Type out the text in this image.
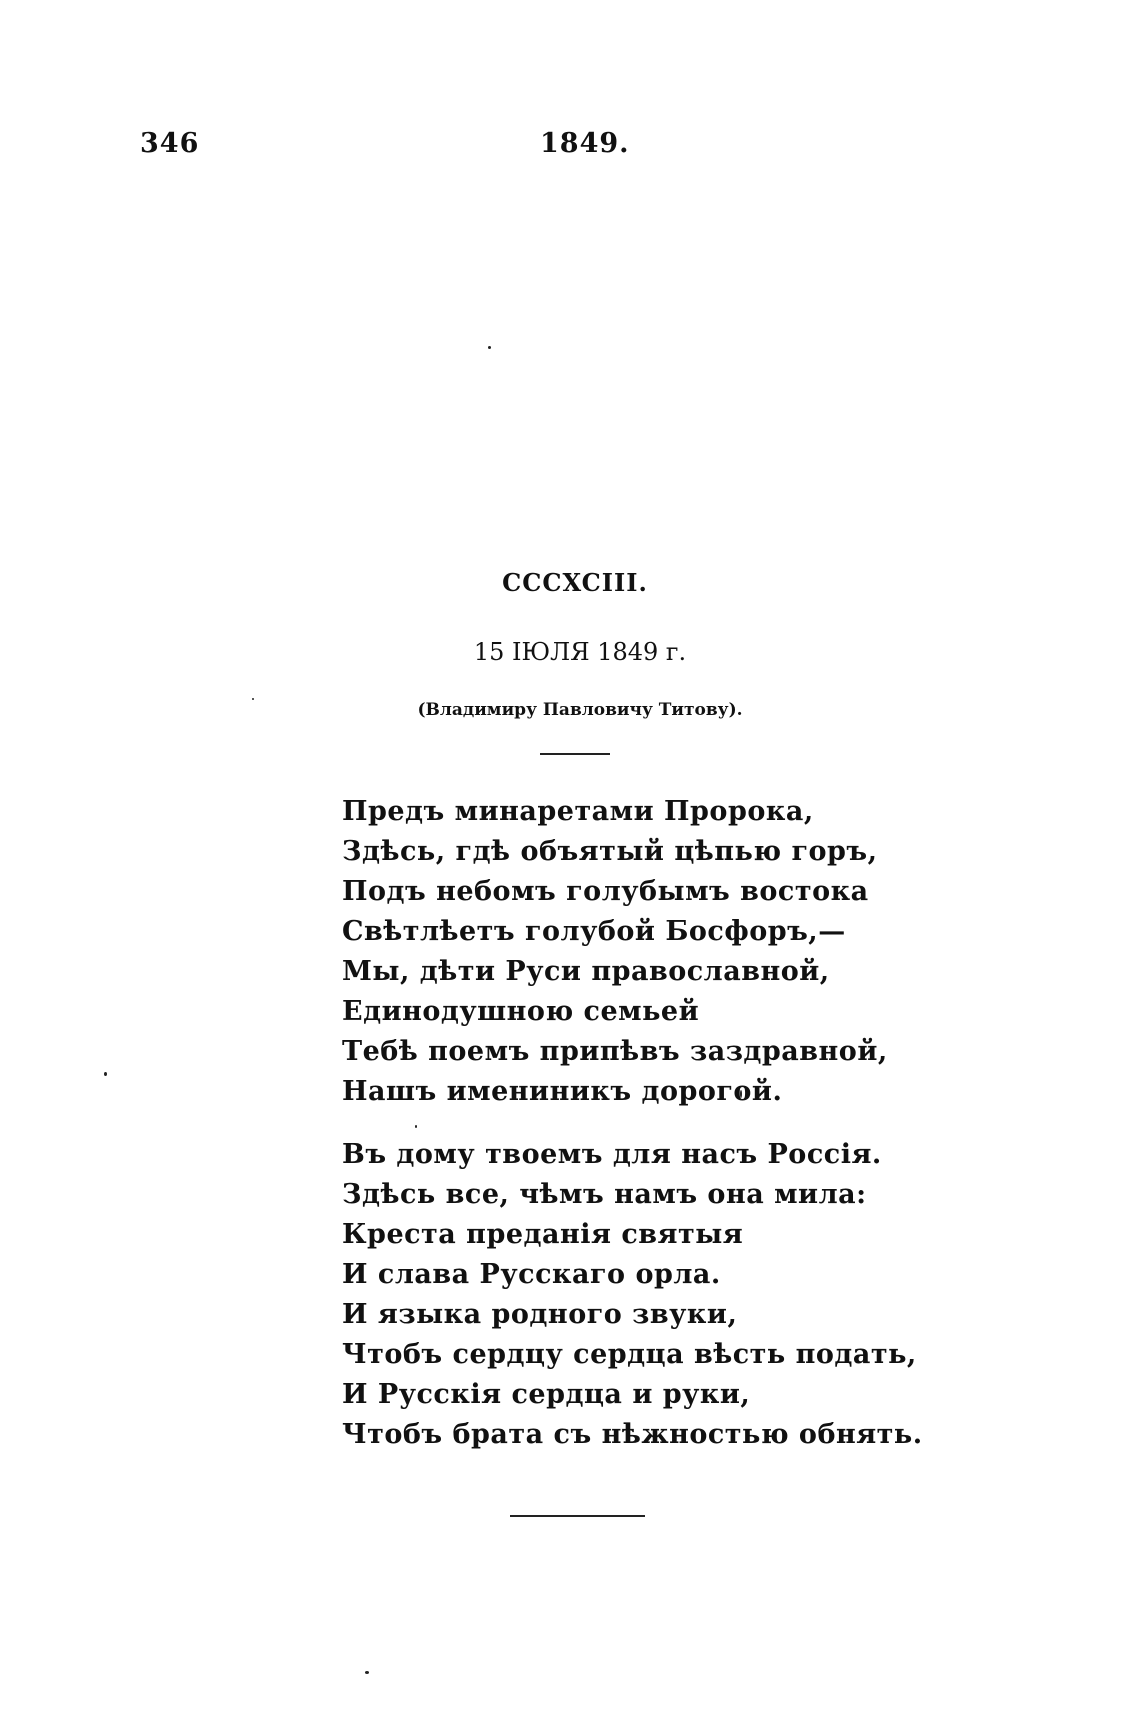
346	1849.
CCCXCIII.
15 ІЮЛЯ 1849 г.
(Владимиру Павловичу Титову).
Предъ минаретами Пророка,
Здѣсь, гдѣ объятый цѣпью горъ,
Подъ небомъ голубымъ востока
Свѣтлѣетъ голубой Босфоръ,—
Мы, дѣти Руси православной,
Единодушною семьей
Тебѣ поемъ припѣвъ заздравной,
Нашъ имениникъ дорогой.
Въ дому твоемъ для насъ Россія.
Здѣсь все, чѣмъ намъ она мила:
Креста преданія святыя
И слава Русскаго орла.
И языка родного звуки,
Чтобъ сердцу сердца вѣсть подать,
И Русскія сердца и руки,
Чтобъ брата съ нѣжностью обнять.
